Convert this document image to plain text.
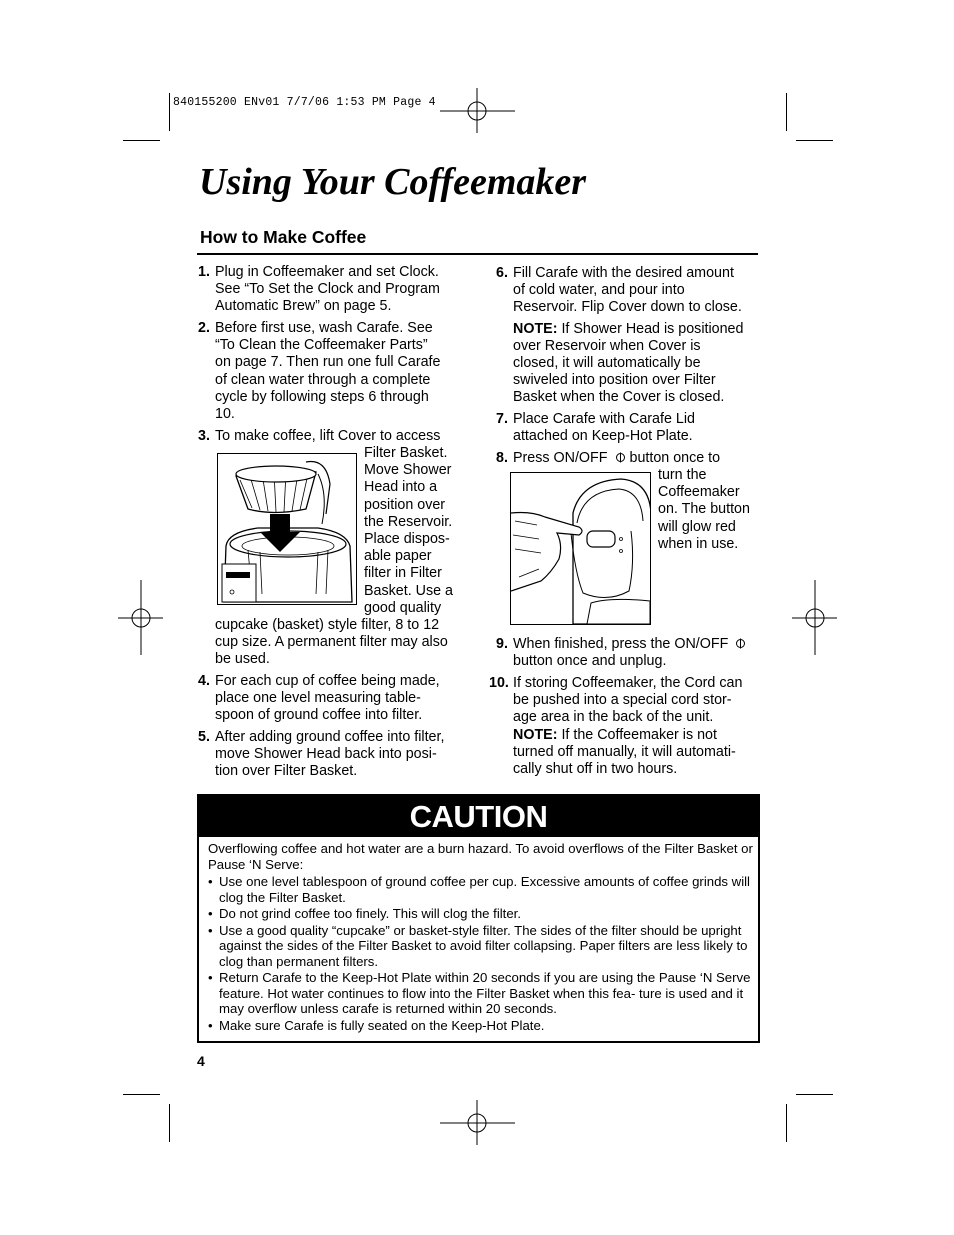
840155200 ENv01 7/7/06 1:53 PM Page 4
Using Your Coffeemaker
How to Make Coffee
1. Plug in Coffeemaker and set Clock.
See “To Set the Clock and Program
Automatic Brew” on page 5.
2. Before first use, wash Carafe. See
“To Clean the Coffeemaker Parts”
on page 7. Then run one full Carafe
of clean water through a complete
cycle by following steps 6 through
10.
3. To make coffee, lift Cover to access
Filter Basket.
Move Shower
Head into a
position over
the Reservoir.
Place dispos-
able paper
filter in Filter
Basket. Use a
good quality
cupcake (basket) style filter, 8 to 12
cup size. A permanent filter may also
be used.
4. For each cup of coffee being made,
place one level measuring table-
spoon of ground coffee into filter.
5. After adding ground coffee into filter,
move Shower Head back into posi-
tion over Filter Basket.
6. Fill Carafe with the desired amount
of cold water, and pour into
Reservoir. Flip Cover down to close.
NOTE: If Shower Head is positioned
over Reservoir when Cover is
closed, it will automatically be
swiveled into position over Filter
Basket when the Cover is closed.
7. Place Carafe with Carafe Lid
attached on Keep-Hot Plate.
8. Press ON/OFF  button once to
turn the
Coffeemaker
on. The button
will glow red
when in use.
9. When finished, press the ON/OFF
button once and unplug.
10. If storing Coffeemaker, the Cord can
be pushed into a special cord stor-
age area in the back of the unit.
NOTE: If the Coffeemaker is not
turned off manually, it will automati-
cally shut off in two hours.
CAUTION

Overflowing coffee and hot water are a burn hazard. To avoid overflows of the Filter Basket or Pause ‘N Serve:

• Use one level tablespoon of ground coffee per cup. Excessive amounts of coffee grinds will clog the Filter Basket.
• Do not grind coffee too finely. This will clog the filter.
• Use a good quality “cupcake” or basket-style filter. The sides of the filter should be upright against the sides of the Filter Basket to avoid filter collapsing. Paper filters are less likely to clog than permanent filters.
• Return Carafe to the Keep-Hot Plate within 20 seconds if you are using the Pause ‘N Serve feature. Hot water continues to flow into the Filter Basket when this fea- ture is used and it may overflow unless carafe is returned within 20 seconds.
• Make sure Carafe is fully seated on the Keep-Hot Plate.
4
